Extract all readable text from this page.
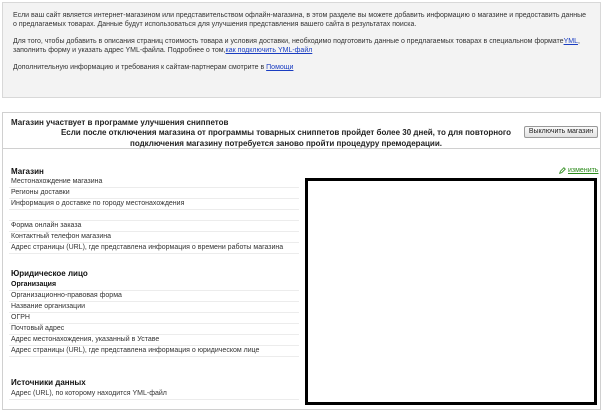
Если ваш сайт является интернет-магазином или представительством офлайн-магазина, в этом разделе вы можете добавить информацию о магазине и предоставить данные о предлагаемых товарах. Данные будут использоваться для улучшения представления вашего сайта в результатах поиска.

Для того, чтобы добавить в описания страниц стоимость товара и условия доставки, необходимо подготовить данные о предлагаемых товарах в специальном форматеYML, заполнить форму и указать адрес YML-файла. Подробнее о том,как подключить YML-файл

Дополнительную информацию и требования к сайтам-партнерам смотрите в Помощи

Магазин участвует в программе улучшения сниппетов
Если после отключения магазина от программы товарных сниппетов пройдет более 30 дней, то для повторного подключения магазину потребуется заново пройти процедуру премодерации.
Выключить магазин
изменить
Магазин
Местонахождение магазина
Регионы доставки
Информация о доставке по городу местонахождения
Форма онлайн заказа
Контактный телефон магазина
Адрес страницы (URL), где представлена информация о времени работы магазина
Юридическое лицо
Организация
Организационно-правовая форма
Название организации
ОГРН
Почтовый адрес
Адрес местонахождения, указанный в Уставе
Адрес страницы (URL), где представлена информация о юридическом лице
Источники данных
Адрес (URL), по которому находится YML-файл
